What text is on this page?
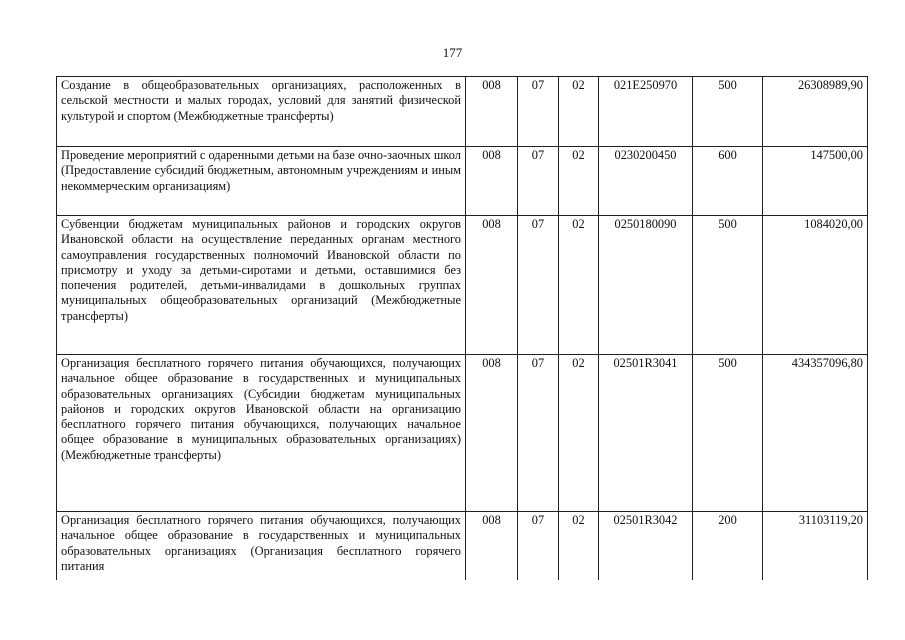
177
Создание в общеобразовательных организациях, расположенных в сельской местности и малых городах, условий для занятий физической культурой и спортом (Межбюджетные трансферты)	008	07	02	021E250970	500	26308989,90
Проведение мероприятий с одаренными детьми на базе очно-заочных школ (Предоставление субсидий бюджетным, автономным учреждениям и иным некоммерческим организациям)	008	07	02	0230200450	600	147500,00
Субвенции бюджетам муниципальных районов и городских округов Ивановской области на осуществление переданных органам местного самоуправления государственных полномочий Ивановской области по присмотру и уходу за детьми-сиротами и детьми, оставшимися без попечения родителей, детьми-инвалидами в дошкольных группах муниципальных общеобразовательных организаций (Межбюджетные трансферты)	008	07	02	0250180090	500	1084020,00
Организация бесплатного горячего питания обучающихся, получающих начальное общее образование в государственных и муниципальных образовательных организациях (Субсидии бюджетам муниципальных районов и городских округов Ивановской области на организацию бесплатного горячего питания обучающихся, получающих начальное общее образование в муниципальных образовательных организациях) (Межбюджетные трансферты)	008	07	02	02501R3041	500	434357096,80
Организация бесплатного горячего питания обучающихся, получающих начальное общее образование в государственных и муниципальных образовательных организациях (Организация бесплатного горячего питания	008	07	02	02501R3042	200	31103119,20
